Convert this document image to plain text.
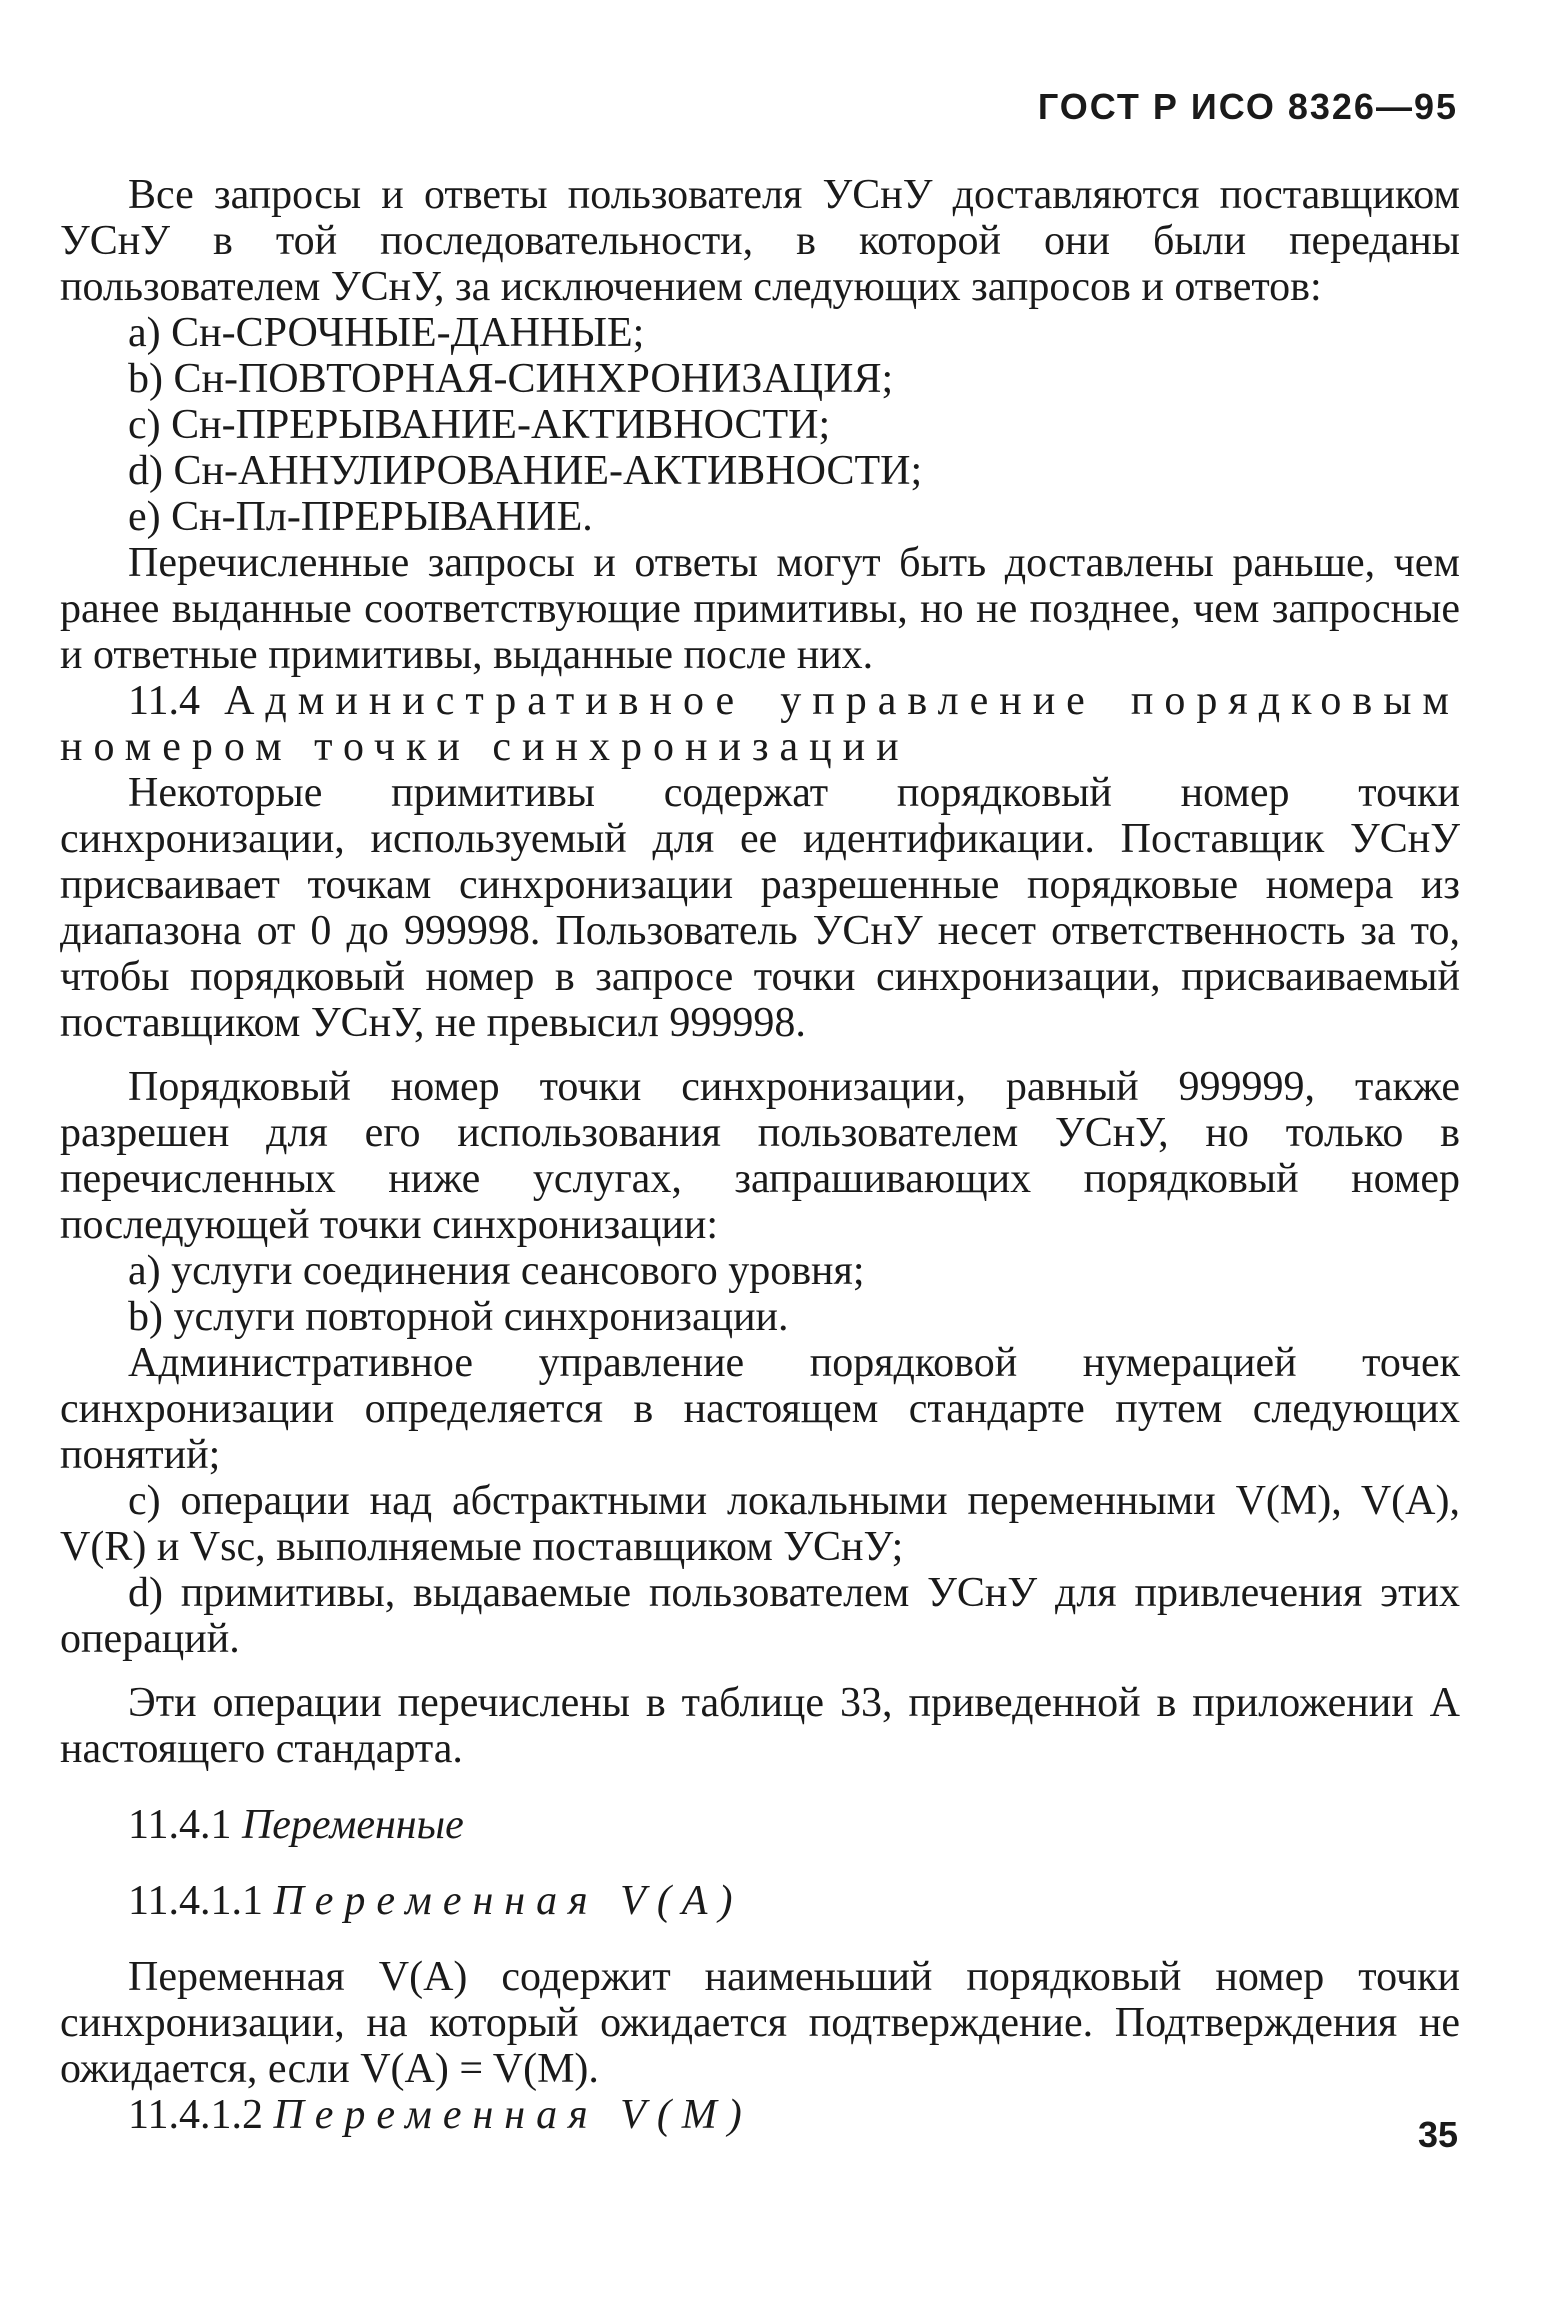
ГОСТ Р ИСО 8326—95

Все запросы и ответы пользователя УСнУ доставляются поставщиком УСнУ в той последовательности, в которой они были переданы пользователем УСнУ, за исключением следующих запросов и ответов:

a) Сн-СРОЧНЫЕ-ДАННЫЕ;

b) Сн-ПОВТОРНАЯ-СИНХРОНИЗАЦИЯ;

c) Сн-ПРЕРЫВАНИЕ-АКТИВНОСТИ;

d) Сн-АННУЛИРОВАНИЕ-АКТИВНОСТИ;

e) Сн-Пл-ПРЕРЫВАНИЕ.

Перечисленные запросы и ответы могут быть доставлены раньше, чем ранее выданные соответствующие примитивы, но не позднее, чем запросные и ответные примитивы, выданные после них.

11.4 Административное управление порядковым номером точки синхронизации

Некоторые примитивы содержат порядковый номер точки синхронизации, используемый для ее идентификации. Поставщик УСнУ присваивает точкам синхронизации разрешенные порядковые номера из диапазона от 0 до 999998. Пользователь УСнУ несет ответственность за то, чтобы порядковый номер в запросе точки синхронизации, присваиваемый поставщиком УСнУ, не превысил 999998.

Порядковый номер точки синхронизации, равный 999999, также разрешен для его использования пользователем УСнУ, но только в перечисленных ниже услугах, запрашивающих порядковый номер последующей точки синхронизации:

a) услуги соединения сеансового уровня;

b) услуги повторной синхронизации.

Административное управление порядковой нумерацией точек синхронизации определяется в настоящем стандарте путем следующих понятий;

c) операции над абстрактными локальными переменными V(M), V(A), V(R) и Vsc, выполняемые поставщиком УСнУ;

d) примитивы, выдаваемые пользователем УСнУ для привлечения этих операций.

Эти операции перечислены в таблице 33, приведенной в приложении А настоящего стандарта.

11.4.1 Переменные

11.4.1.1 Переменная V(A)

Переменная V(A) содержит наименьший порядковый номер точки синхронизации, на который ожидается подтверждение. Подтверждения не ожидается, если V(A) = V(M).

11.4.1.2 Переменная V(M)	35
